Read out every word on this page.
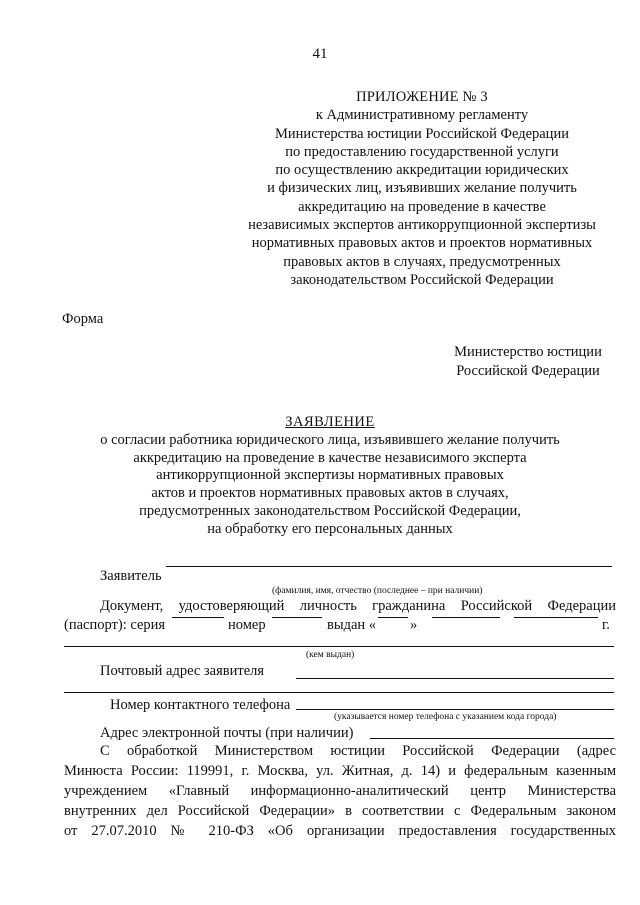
41
ПРИЛОЖЕНИЕ № 3
к Административному регламенту
Министерства юстиции Российской Федерации
по предоставлению государственной услуги
по осуществлению аккредитации юридических
и физических лиц, изъявивших желание получить
аккредитацию на проведение в качестве
независимых экспертов антикоррупционной экспертизы
нормативных правовых актов и проектов нормативных
правовых актов в случаях, предусмотренных
законодательством Российской Федерации
Форма
Министерство юстиции
Российской Федерации
ЗАЯВЛЕНИЕ
о согласии работника юридического лица, изъявившего желание получить
аккредитацию на проведение в качестве независимого эксперта
антикоррупционной экспертизы нормативных правовых
актов и проектов нормативных правовых актов в случаях,
предусмотренных законодательством Российской Федерации,
на обработку его персональных данных
Заявитель
(фамилия, имя, отчество (последнее – при наличии)
Документ, удостоверяющий личность гражданина Российской Федерации
(паспорт): серия	номер	выдан « »	г.
(кем выдан)
Почтовый адрес заявителя
Номер контактного телефона
(указывается номер телефона с указанием кода города)
Адрес электронной почты (при наличии)
С обработкой Министерством юстиции Российской Федерации (адрес
Минюста России: 119991, г. Москва, ул. Житная, д. 14) и федеральным казенным
учреждением «Главный информационно-аналитический центр Министерства
внутренних дел Российской Федерации» в соответствии с Федеральным законом
от 27.07.2010 № 210-ФЗ «Об организации предоставления государственных
